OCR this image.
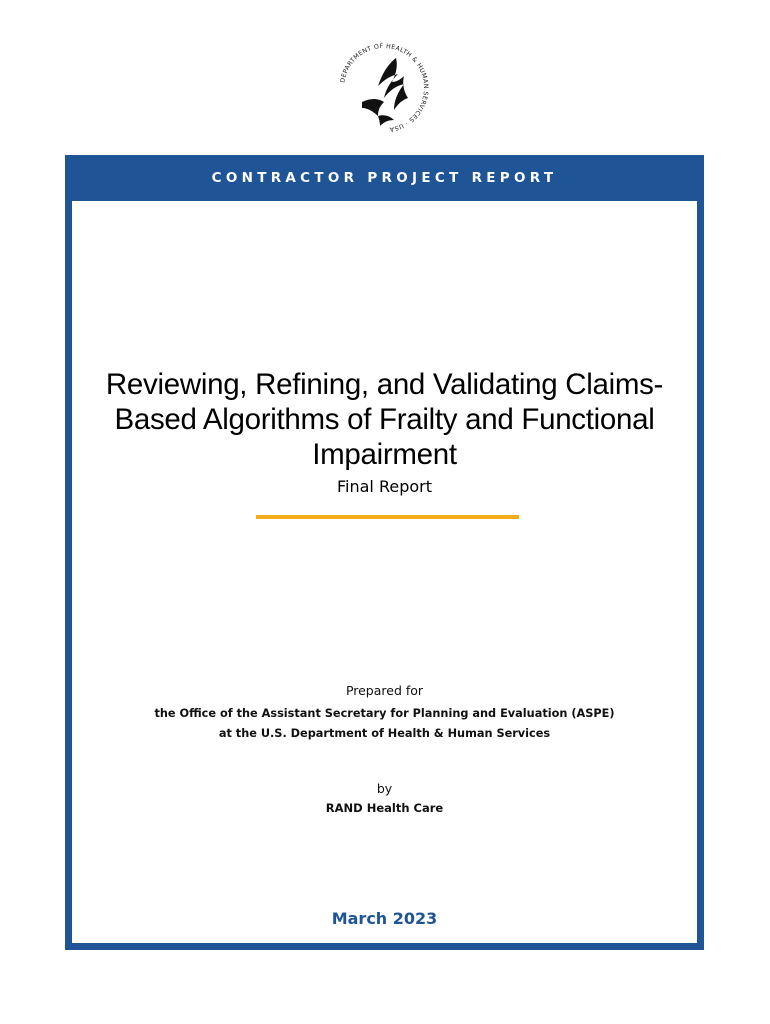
DEPARTMENT OF HEALTH & HUMAN SERVICES · USA
CONTRACTOR PROJECT REPORT
Reviewing, Refining, and Validating Claims-
Based Algorithms of Frailty and Functional
Impairment
Final Report
Prepared for
the Office of the Assistant Secretary for Planning and Evaluation (ASPE)
at the U.S. Department of Health & Human Services
by
RAND Health Care
March 2023
